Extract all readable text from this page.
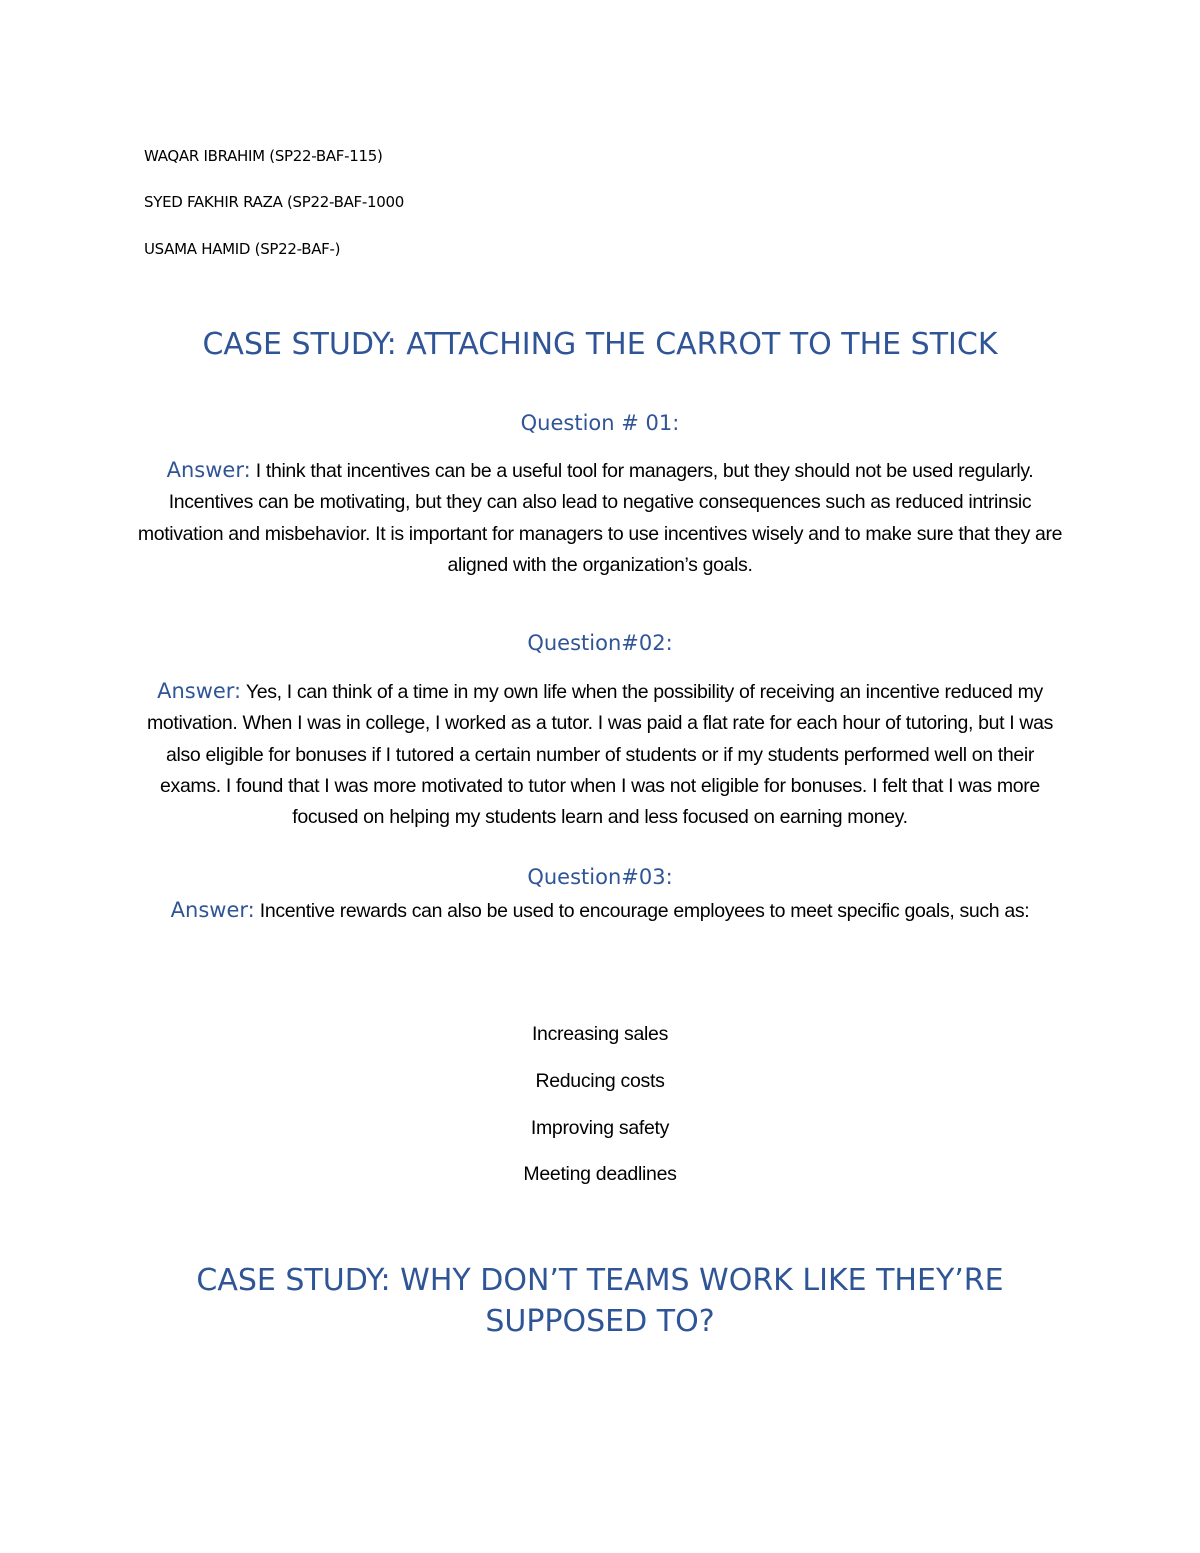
WAQAR IBRAHIM (SP22-BAF-115)
SYED FAKHIR RAZA (SP22-BAF-1000
USAMA HAMID (SP22-BAF-)
CASE STUDY: ATTACHING THE CARROT TO THE STICK
Question # 01:

Answer: I think that incentives can be a useful tool for managers, but they should not be used regularly. Incentives can be motivating, but they can also lead to negative consequences such as reduced intrinsic motivation and misbehavior. It is important for managers to use incentives wisely and to make sure that they are aligned with the organization’s goals.

Question#02:

Answer: Yes, I can think of a time in my own life when the possibility of receiving an incentive reduced my motivation. When I was in college, I worked as a tutor. I was paid a flat rate for each hour of tutoring, but I was also eligible for bonuses if I tutored a certain number of students or if my students performed well on their exams. I found that I was more motivated to tutor when I was not eligible for bonuses. I felt that I was more focused on helping my students learn and less focused on earning money.

Question#03:

Answer: Incentive rewards can also be used to encourage employees to meet specific goals, such as:

Increasing sales

Reducing costs

Improving safety

Meeting deadlines

CASE STUDY: WHY DON’T TEAMS WORK LIKE THEY’RE SUPPOSED TO?
